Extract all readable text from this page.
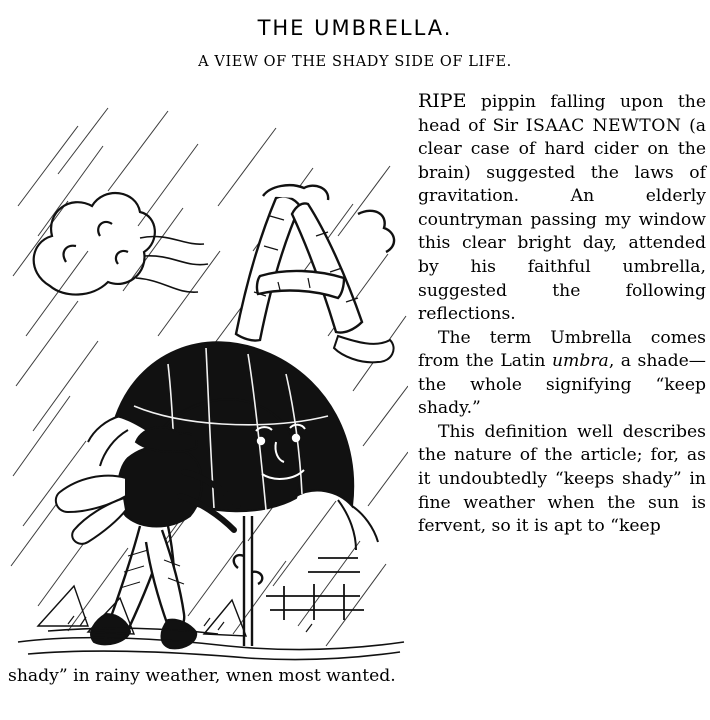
THE UMBRELLA.
A VIEW OF THE SHADY SIDE OF LIFE.

RIPE pippin falling upon the head of Sir ISAAC NEWTON (a clear case of hard cider on the brain) suggested the laws of gravitation. An elderly countryman passing my window this clear bright day, attended by his faithful umbrella, suggested the following reflections.

The term Umbrella comes from the Latin umbra, a shade—the whole signifying “keep shady.”

This definition well describes the nature of the article; for, as it undoubtedly “keeps shady” in fine weather when the sun is fervent, so it is apt to “keep

shady” in rainy weather, wnen most wanted.
